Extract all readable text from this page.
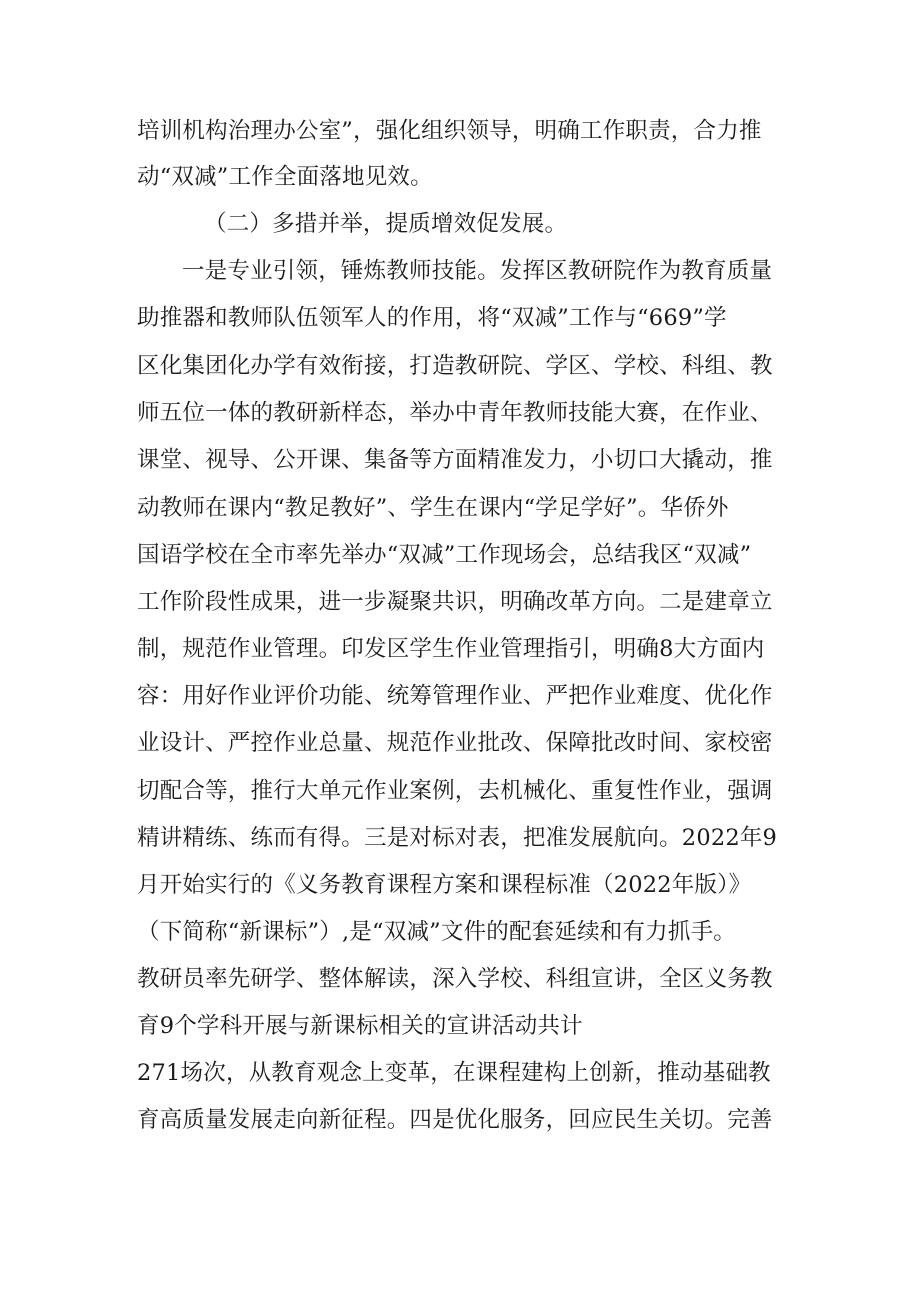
培训机构治理办公室”，强化组织领导，明确工作职责，合力推
动“双减”工作全面落地见效。
（二）多措并举，提质增效促发展。
一是专业引领，锤炼教师技能。发挥区教研院作为教育质量
助推器和教师队伍领军人的作用，将“双减”工作与“669”学
区化集团化办学有效衔接，打造教研院、学区、学校、科组、教
师五位一体的教研新样态，举办中青年教师技能大赛，在作业、
课堂、视导、公开课、集备等方面精准发力，小切口大撬动，推
动教师在课内“教足教好”、学生在课内“学足学好”。华侨外
国语学校在全市率先举办“双减”工作现场会，总结我区“双减”
工作阶段性成果，进一步凝聚共识，明确改革方向。二是建章立
制，规范作业管理。印发区学生作业管理指引，明确8大方面内
容：用好作业评价功能、统筹管理作业、严把作业难度、优化作
业设计、严控作业总量、规范作业批改、保障批改时间、家校密
切配合等，推行大单元作业案例，去机械化、重复性作业，强调
精讲精练、练而有得。三是对标对表，把准发展航向。2022年9
月开始实行的《义务教育课程方案和课程标准（2022年版）》
（下简称“新课标”）,是“双减”文件的配套延续和有力抓手。
教研员率先研学、整体解读，深入学校、科组宣讲，全区义务教
育9个学科开展与新课标相关的宣讲活动共计
271场次，从教育观念上变革，在课程建构上创新，推动基础教
育高质量发展走向新征程。四是优化服务，回应民生关切。完善
